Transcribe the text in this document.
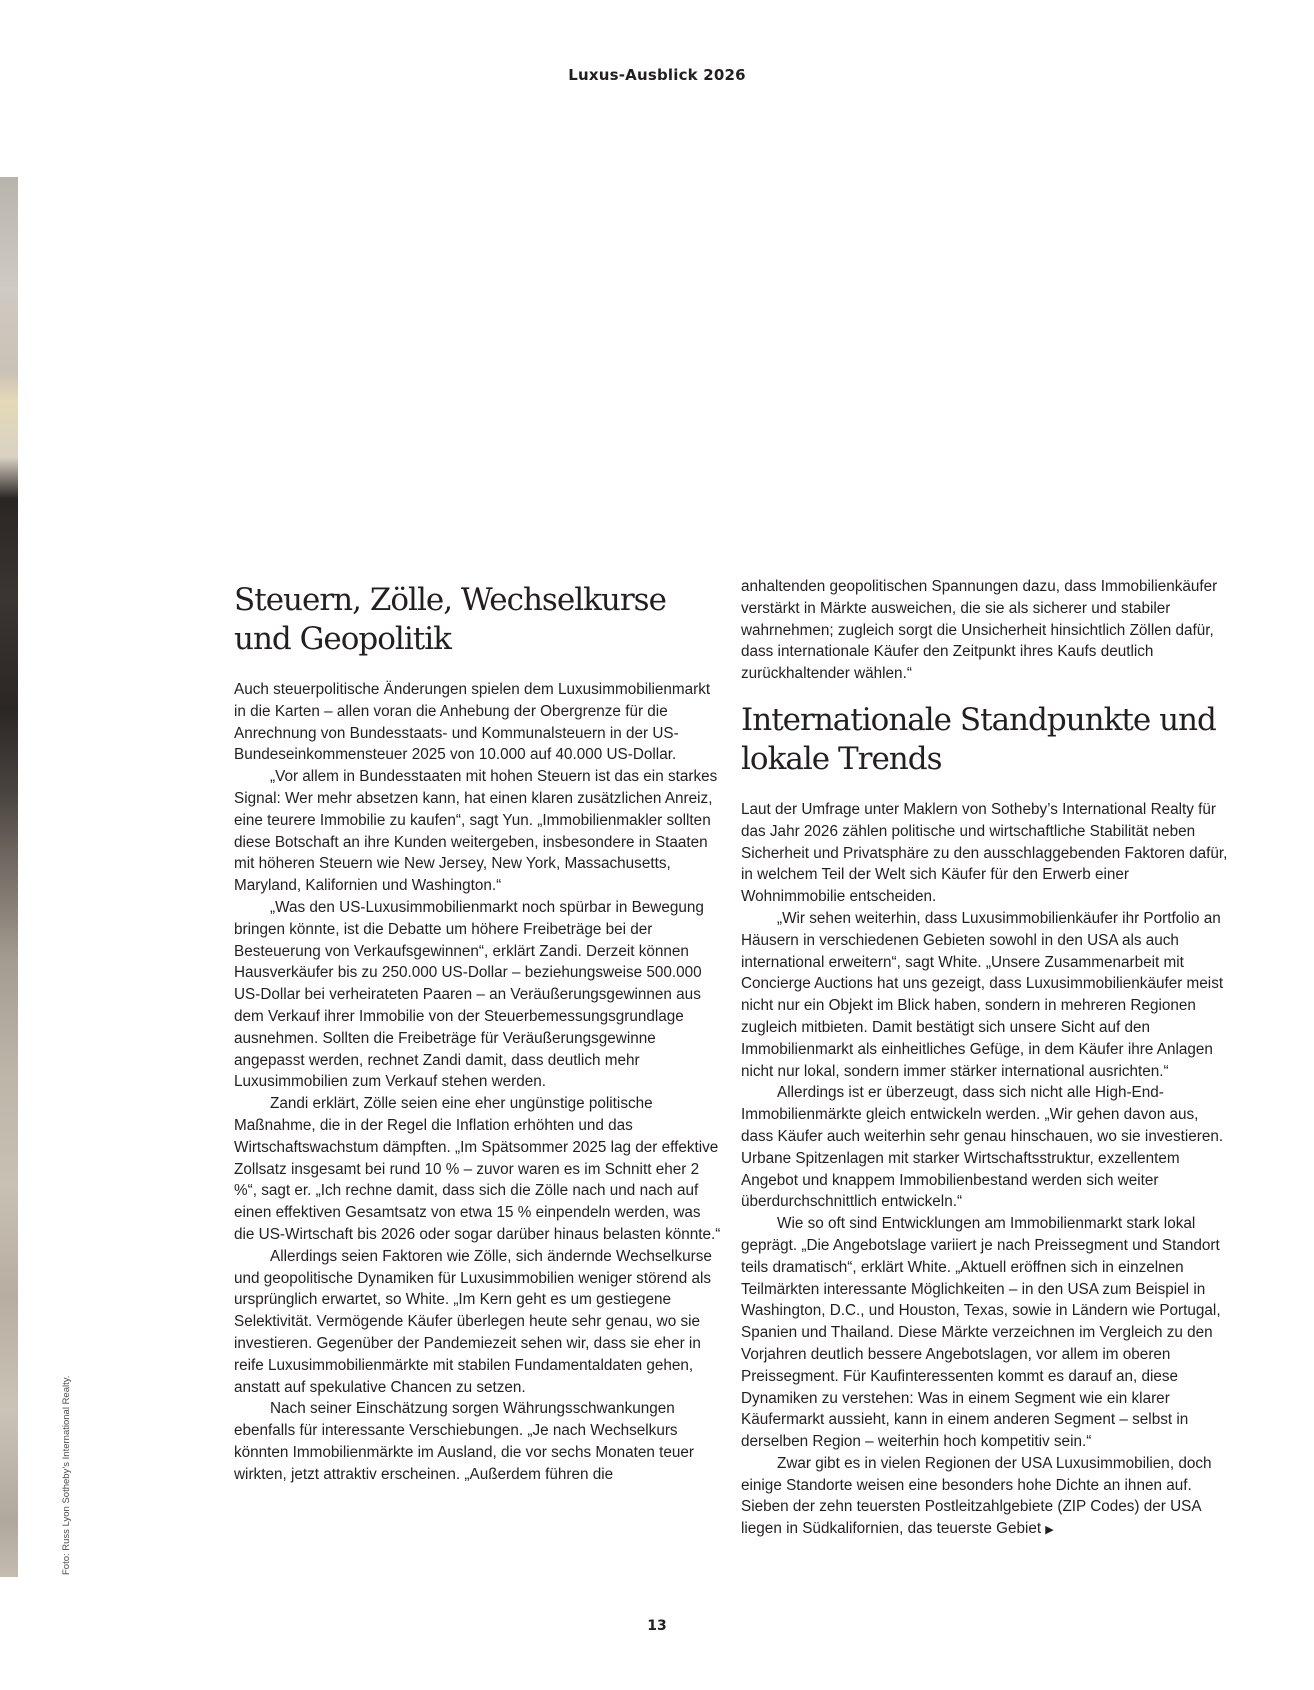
Luxus-Ausblick 2026
Foto: Russ Lyon Sotheby’s International Realty.
Steuern, Zölle, Wechselkurse und Geopolitik

Auch steuerpolitische Änderungen spielen dem Luxusimmobilienmarkt in die Karten – allen voran die Anhebung der Obergrenze für die Anrechnung von Bundesstaats- und Kommunalsteuern in der US-Bundeseinkommensteuer 2025 von 10.000 auf 40.000 US-Dollar.

„Vor allem in Bundesstaaten mit hohen Steuern ist das ein starkes Signal: Wer mehr absetzen kann, hat einen klaren zusätzlichen Anreiz, eine teurere Immobilie zu kaufen“, sagt Yun. „Immobilienmakler sollten diese Botschaft an ihre Kunden weitergeben, insbesondere in Staaten mit höheren Steuern wie New Jersey, New York, Massachusetts, Maryland, Kalifornien und Washington.“

„Was den US-Luxusimmobilienmarkt noch spürbar in Bewegung bringen könnte, ist die Debatte um höhere Freibeträge bei der Besteuerung von Verkaufsgewinnen“, erklärt Zandi. Derzeit können Hausverkäufer bis zu 250.000 US-Dollar – beziehungsweise 500.000 US-Dollar bei verheirateten Paaren – an Veräußerungsgewinnen aus dem Verkauf ihrer Immobilie von der Steuerbemessungsgrundlage ausnehmen. Sollten die Freibeträge für Veräußerungsgewinne angepasst werden, rechnet Zandi damit, dass deutlich mehr Luxusimmobilien zum Verkauf stehen werden.

Zandi erklärt, Zölle seien eine eher ungünstige politische Maßnahme, die in der Regel die Inflation erhöhten und das Wirtschaftswachstum dämpften. „Im Spätsommer 2025 lag der effektive Zollsatz insgesamt bei rund 10 % – zuvor waren es im Schnitt eher 2 %“, sagt er. „Ich rechne damit, dass sich die Zölle nach und nach auf einen effektiven Gesamtsatz von etwa 15 % einpendeln werden, was die US-Wirtschaft bis 2026 oder sogar darüber hinaus belasten könnte.“

Allerdings seien Faktoren wie Zölle, sich ändernde Wechselkurse und geopolitische Dynamiken für Luxusimmobilien weniger störend als ursprünglich erwartet, so White. „Im Kern geht es um gestiegene Selektivität. Vermögende Käufer überlegen heute sehr genau, wo sie investieren. Gegenüber der Pandemiezeit sehen wir, dass sie eher in reife Luxusimmobilienmärkte mit stabilen Fundamentaldaten gehen, anstatt auf spekulative Chancen zu setzen.

Nach seiner Einschätzung sorgen Währungsschwankungen ebenfalls für interessante Verschiebungen. „Je nach Wechselkurs könnten Immobilienmärkte im Ausland, die vor sechs Monaten teuer wirkten, jetzt attraktiv erscheinen. „Außerdem führen die

anhaltenden geopolitischen Spannungen dazu, dass Immobilienkäufer verstärkt in Märkte ausweichen, die sie als sicherer und stabiler wahrnehmen; zugleich sorgt die Unsicherheit hinsichtlich Zöllen dafür, dass internationale Käufer den Zeitpunkt ihres Kaufs deutlich zurückhaltender wählen.“

Internationale Standpunkte und lokale Trends

Laut der Umfrage unter Maklern von Sotheby’s International Realty für das Jahr 2026 zählen politische und wirtschaftliche Stabilität neben Sicherheit und Privatsphäre zu den ausschlaggebenden Faktoren dafür, in welchem Teil der Welt sich Käufer für den Erwerb einer Wohnimmobilie entscheiden.

„Wir sehen weiterhin, dass Luxusimmobilienkäufer ihr Portfolio an Häusern in verschiedenen Gebieten sowohl in den USA als auch international erweitern“, sagt White. „Unsere Zusammenarbeit mit Concierge Auctions hat uns gezeigt, dass Luxusimmobilienkäufer meist nicht nur ein Objekt im Blick haben, sondern in mehreren Regionen zugleich mitbieten. Damit bestätigt sich unsere Sicht auf den Immobilienmarkt als einheitliches Gefüge, in dem Käufer ihre Anlagen nicht nur lokal, sondern immer stärker international ausrichten.“

Allerdings ist er überzeugt, dass sich nicht alle High-End-Immobilienmärkte gleich entwickeln werden. „Wir gehen davon aus, dass Käufer auch weiterhin sehr genau hinschauen, wo sie investieren. Urbane Spitzenlagen mit starker Wirtschaftsstruktur, exzellentem Angebot und knappem Immobilienbestand werden sich weiter überdurchschnittlich entwickeln.“

Wie so oft sind Entwicklungen am Immobilienmarkt stark lokal geprägt. „Die Angebotslage variiert je nach Preissegment und Standort teils dramatisch“, erklärt White. „Aktuell eröffnen sich in einzelnen Teilmärkten interessante Möglichkeiten – in den USA zum Beispiel in Washington, D.C., und Houston, Texas, sowie in Ländern wie Portugal, Spanien und Thailand. Diese Märkte verzeichnen im Vergleich zu den Vorjahren deutlich bessere Angebotslagen, vor allem im oberen Preissegment. Für Kaufinteressenten kommt es darauf an, diese Dynamiken zu verstehen: Was in einem Segment wie ein klarer Käufermarkt aussieht, kann in einem anderen Segment – selbst in derselben Region – weiterhin hoch kompetitiv sein.“

Zwar gibt es in vielen Regionen der USA Luxusimmobilien, doch einige Standorte weisen eine besonders hohe Dichte an ihnen auf. Sieben der zehn teuersten Postleitzahlgebiete (ZIP Codes) der USA liegen in Südkalifornien, das teuerste Gebiet ▶

13
